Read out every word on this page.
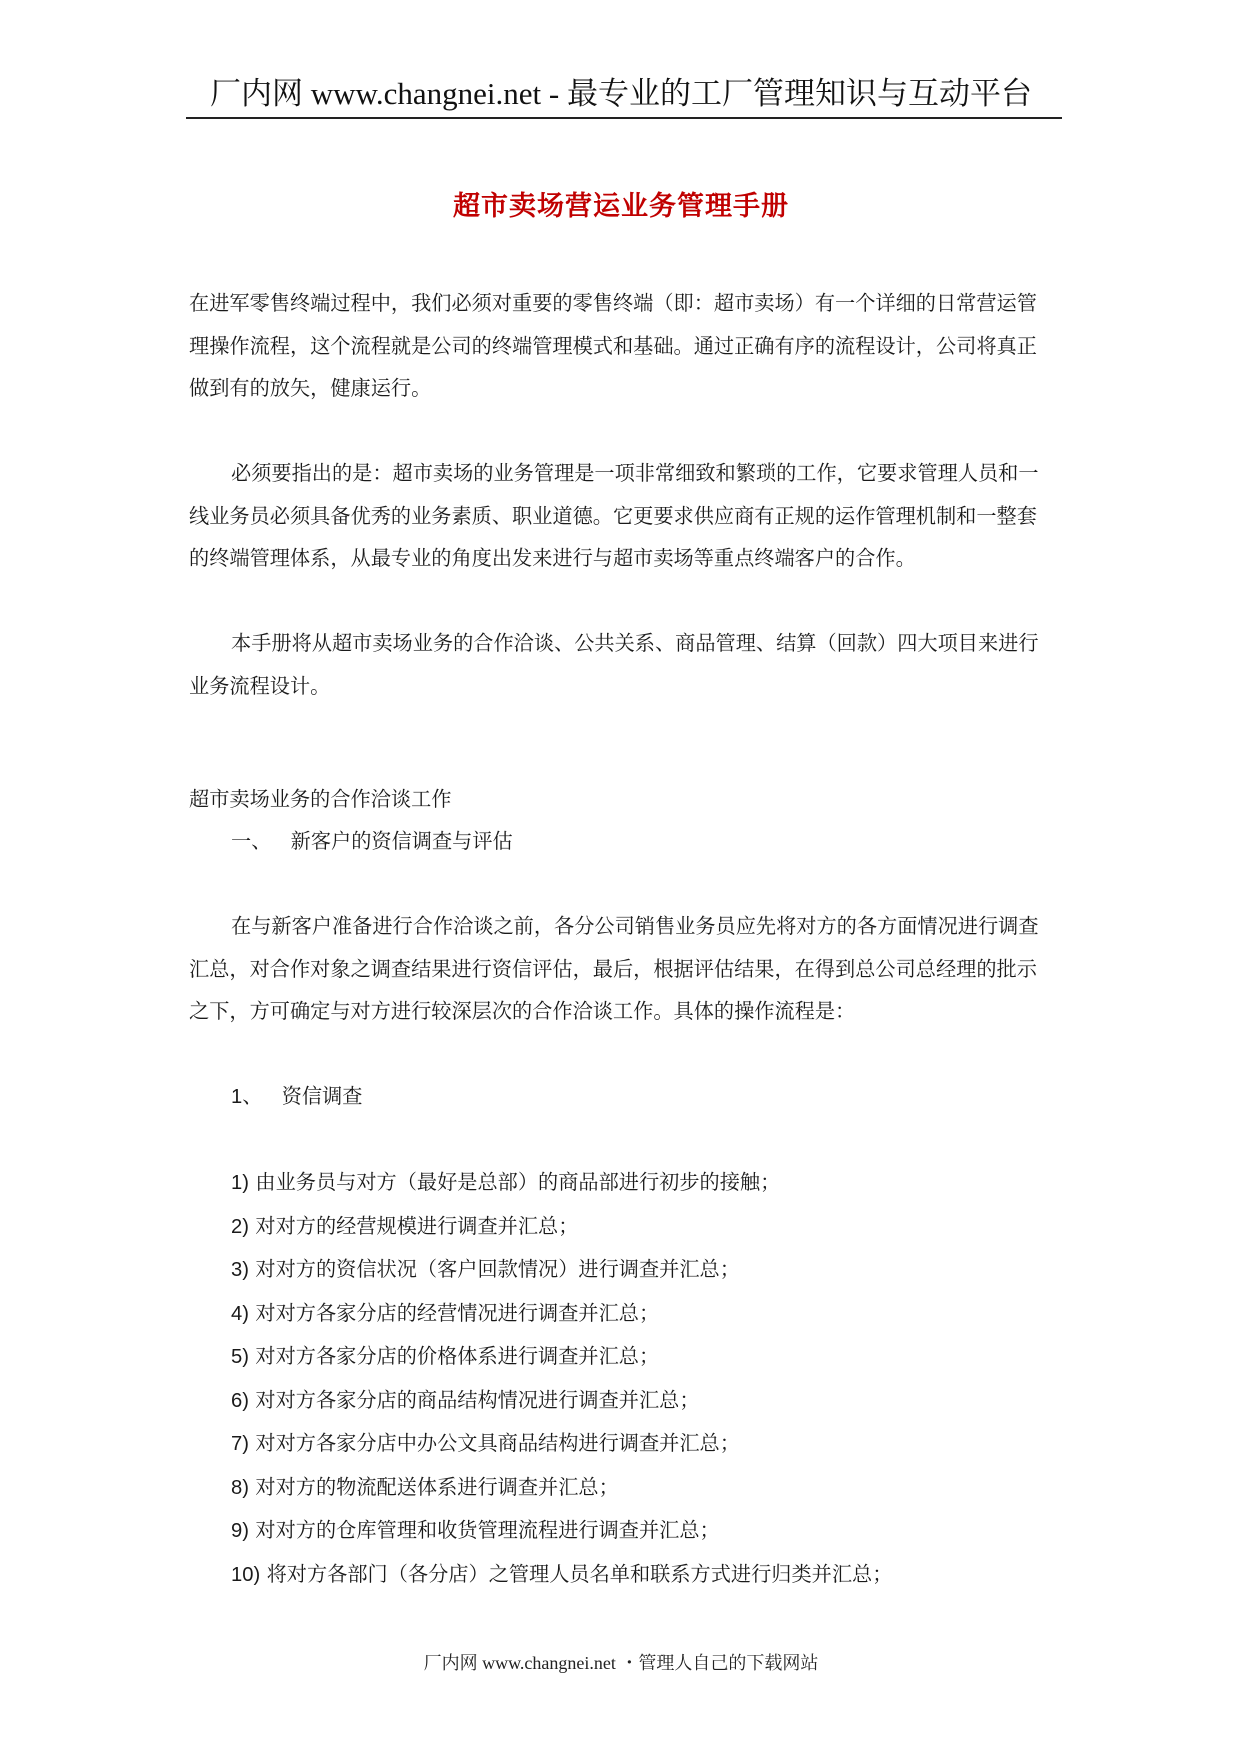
厂内网 www.changnei.net - 最专业的工厂管理知识与互动平台
超市卖场营运业务管理手册

在进军零售终端过程中，我们必须对重要的零售终端（即：超市卖场）有一个详细的日常营运管理操作流程，这个流程就是公司的终端管理模式和基础。通过正确有序的流程设计，公司将真正做到有的放矢，健康运行。

必须要指出的是：超市卖场的业务管理是一项非常细致和繁琐的工作，它要求管理人员和一线业务员必须具备优秀的业务素质、职业道德。它更要求供应商有正规的运作管理机制和一整套的终端管理体系，从最专业的角度出发来进行与超市卖场等重点终端客户的合作。

本手册将从超市卖场业务的合作洽谈、公共关系、商品管理、结算（回款）四大项目来进行业务流程设计。

超市卖场业务的合作洽谈工作

一、 新客户的资信调查与评估

在与新客户准备进行合作洽谈之前，各分公司销售业务员应先将对方的各方面情况进行调查汇总，对合作对象之调查结果进行资信评估，最后，根据评估结果，在得到总公司总经理的批示之下，方可确定与对方进行较深层次的合作洽谈工作。具体的操作流程是：

1、 资信调查

1) 由业务员与对方（最好是总部）的商品部进行初步的接触；

2) 对对方的经营规模进行调查并汇总；

3) 对对方的资信状况（客户回款情况）进行调查并汇总；

4) 对对方各家分店的经营情况进行调查并汇总；

5) 对对方各家分店的价格体系进行调查并汇总；

6) 对对方各家分店的商品结构情况进行调查并汇总；

7) 对对方各家分店中办公文具商品结构进行调查并汇总；

8) 对对方的物流配送体系进行调查并汇总；

9) 对对方的仓库管理和收货管理流程进行调查并汇总；

10) 将对方各部门（各分店）之管理人员名单和联系方式进行归类并汇总；

厂内网 www.changnei.net ・管理人自己的下载网站
